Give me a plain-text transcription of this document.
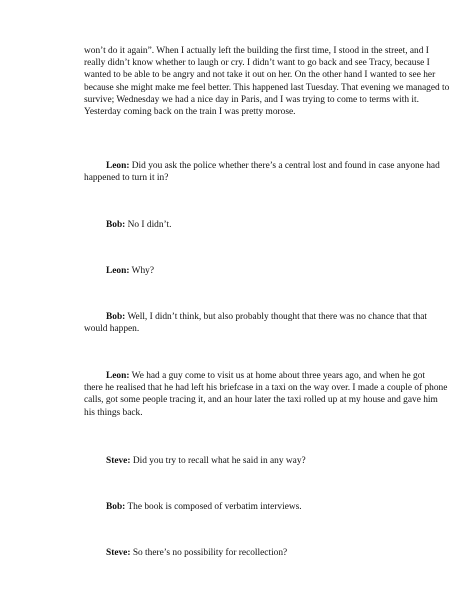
won’t do it again”. When I actually left the building the first time, I stood in the street, and I
really didn’t know whether to laugh or cry. I didn’t want to go back and see Tracy, because I
wanted to be able to be angry and not take it out on her. On the other hand I wanted to see her
because she might make me feel better. This happened last Tuesday. That evening we managed to
survive; Wednesday we had a nice day in Paris, and I was trying to come to terms with it.
Yesterday coming back on the train I was pretty morose.
Leon: Did you ask the police whether there’s a central lost and found in case anyone had
happened to turn it in?
Bob: No I didn’t.
Leon: Why?
Bob: Well, I didn’t think, but also probably thought that there was no chance that that
would happen.
Leon: We had a guy come to visit us at home about three years ago, and when he got
there he realised that he had left his briefcase in a taxi on the way over. I made a couple of phone
calls, got some people tracing it, and an hour later the taxi rolled up at my house and gave him
his things back.
Steve: Did you try to recall what he said in any way?
Bob: The book is composed of verbatim interviews.
Steve: So there’s no possibility for recollection?
